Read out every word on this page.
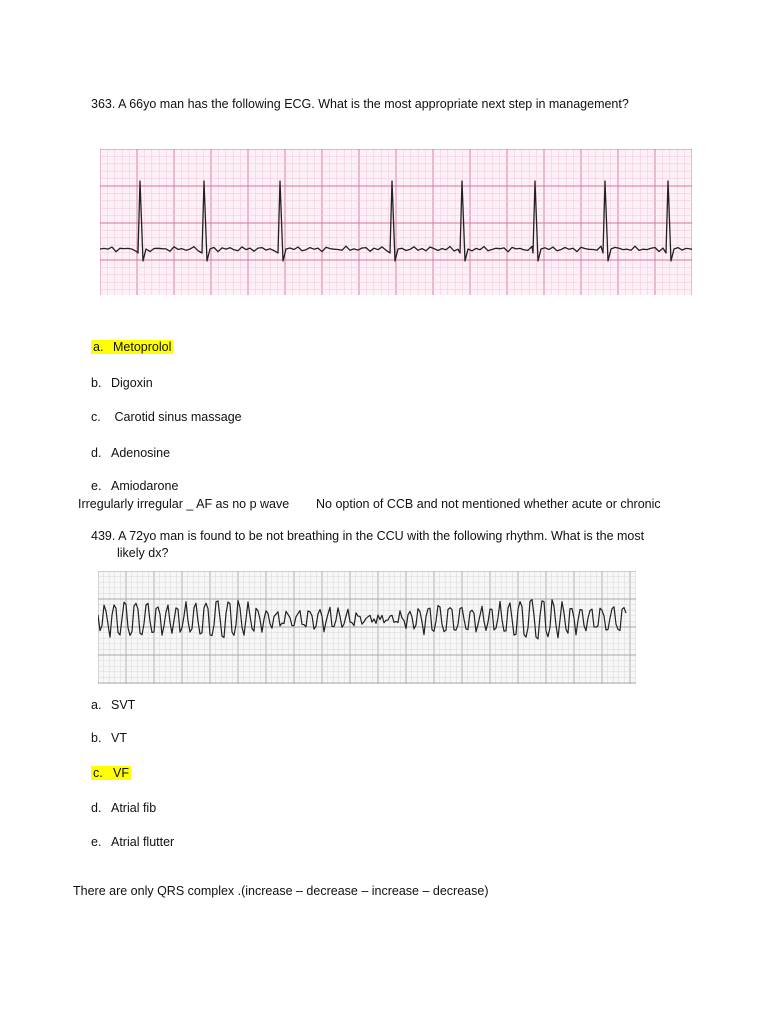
363. A 66yo man has the following ECG. What is the most appropriate next step in management?
a. Metoprolol
b. Digoxin
c. Carotid sinus massage
d. Adenosine
e. Amiodarone
Irregularly irregular _ AF as no p wave No option of CCB and not mentioned whether acute or chronic
439. A 72yo man is found to be not breathing in the CCU with the following rhythm. What is the most
likely dx?
a. SVT
b. VT
c. VF
d. Atrial fib
e. Atrial flutter
There are only QRS complex .(increase – decrease – increase – decrease)
